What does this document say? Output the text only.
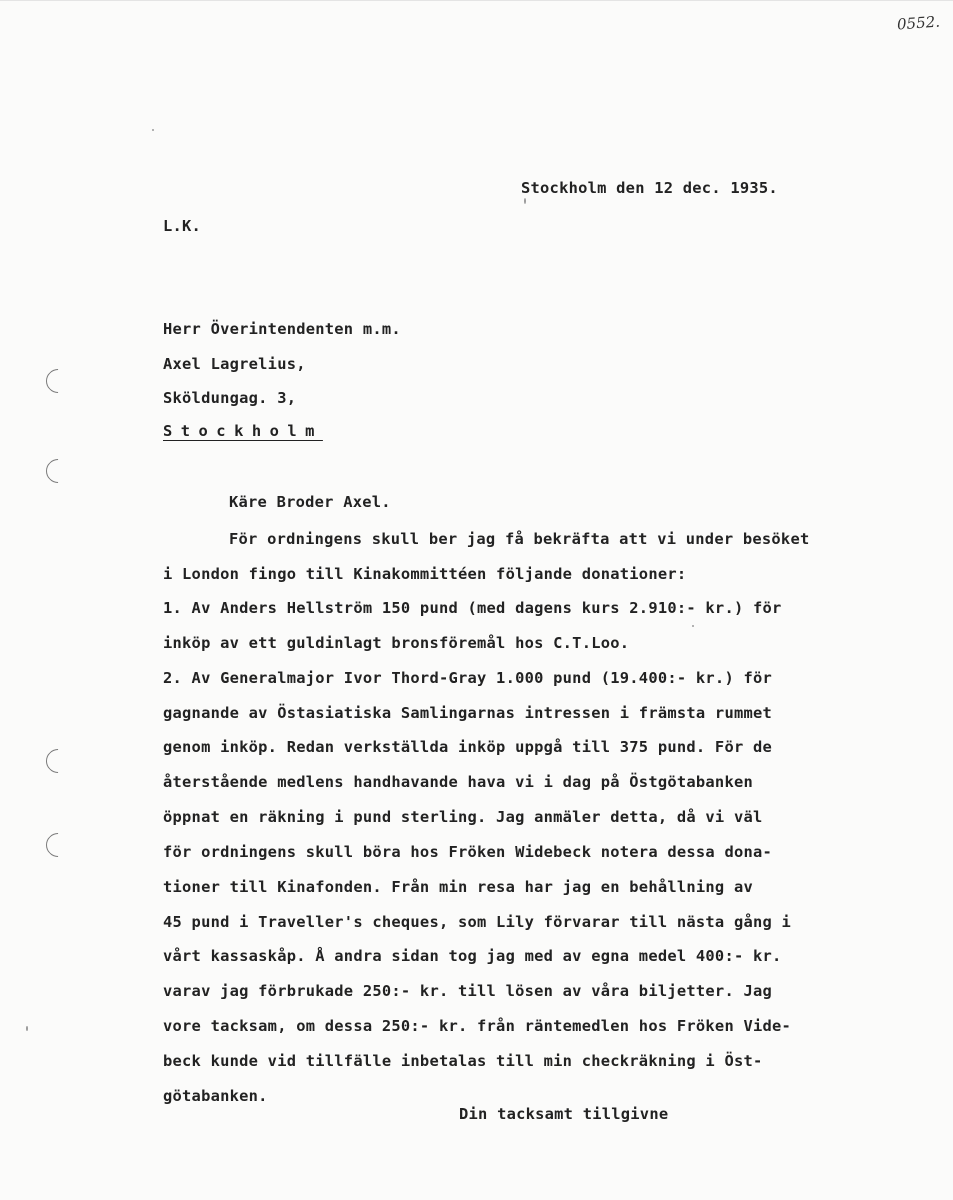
0552.
Stockholm den 12 dec. 1935.
L.K.
Herr Överintendenten m.m.
Axel Lagrelius,
Sköldungag. 3,
Stockholm
Käre Broder Axel.
För ordningens skull ber jag få bekräfta att vi under besöket
i London fingo till Kinakommittéen följande donationer:
1. Av Anders Hellström 150 pund (med dagens kurs 2.910:- kr.) för
inköp av ett guldinlagt bronsföremål hos C.T.Loo.
2. Av Generalmajor Ivor Thord-Gray 1.000 pund (19.400:- kr.) för
gagnande av Östasiatiska Samlingarnas intressen i främsta rummet
genom inköp. Redan verkställda inköp uppgå till 375 pund. För de
återstående medlens handhavande hava vi i dag på Östgötabanken
öppnat en räkning i pund sterling. Jag anmäler detta, då vi väl
för ordningens skull böra hos Fröken Widebeck notera dessa dona-
tioner till Kinafonden. Från min resa har jag en behållning av
45 pund i Traveller's cheques, som Lily förvarar till nästa gång i
vårt kassaskåp. Å andra sidan tog jag med av egna medel 400:- kr.
varav jag förbrukade 250:- kr. till lösen av våra biljetter. Jag
vore tacksam, om dessa 250:- kr. från räntemedlen hos Fröken Vide-
beck kunde vid tillfälle inbetalas till min checkräkning i Öst-
götabanken.
Din tacksamt tillgivne
